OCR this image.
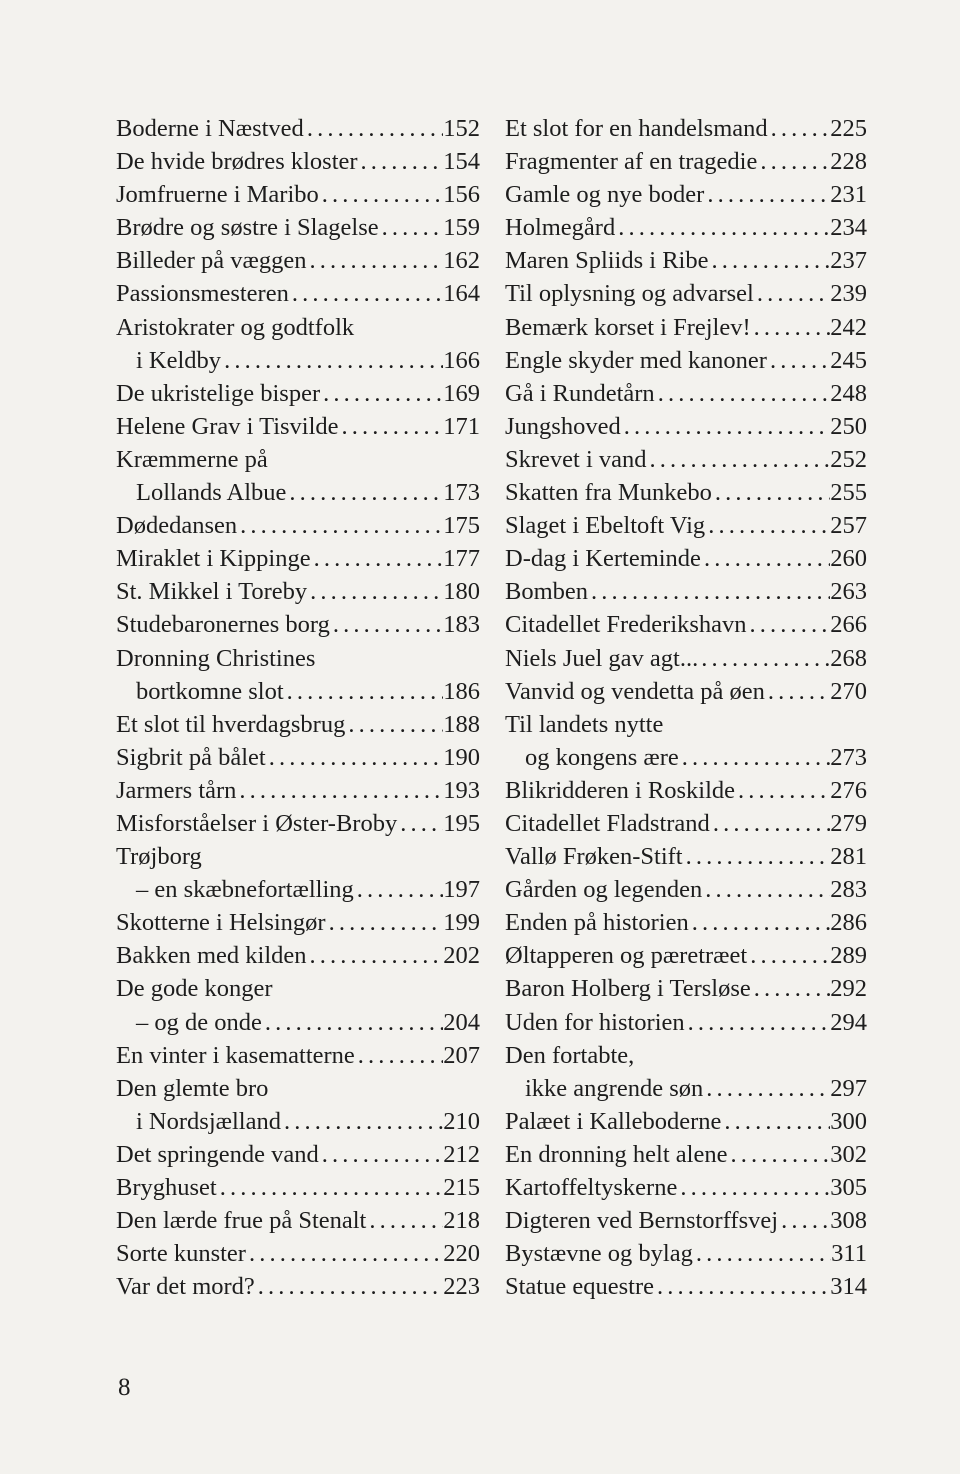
Boderne i Næstved . . .	152
De hvide brødres kloster . . .	154
Jomfruerne i Maribo . . .	156
Brødre og søstre i Slagelse . . .	159
Billeder på væggen . . .	162
Passionsmesteren . . .	164
Aristokrater og godtfolk
i Keldby . . .	166
De ukristelige bisper . . .	169
Helene Grav i Tisvilde . . .	171
Kræmmerne på
Lollands Albue . . .	173
Dødedansen . . .	175
Miraklet i Kippinge . . .	177
St. Mikkel i Toreby . . .	180
Studebaronernes borg . . .	183
Dronning Christines
bortkomne slot . . .	186
Et slot til hverdagsbrug . . .	188
Sigbrit på bålet . . .	190
Jarmers tårn . . .	193
Misforståelser i Øster-Broby . . . 195
Trøjborg
– en skæbnefortælling . . .	197
Skotterne i Helsingør . . .	199
Bakken med kilden . . .	202
De gode konger
– og de onde . . .	204
En vinter i kasematterne . . .	207
Den glemte bro
i Nordsjælland . . .	210
Det springende vand . . .	212
Bryghuset . . .	215
Den lærde frue på Stenalt . . .	218
Sorte kunster . . .	220
Var det mord? . . .	223
Et slot for en handelsmand . . .	225
Fragmenter af en tragedie . . .	228
Gamle og nye boder . . .	231
Holmegård . . .	234
Maren Spliids i Ribe . . .	237
Til oplysning og advarsel . . .	239
Bemærk korset i Frejlev! . . .	242
Engle skyder med kanoner . . .	245
Gå i Rundetårn . . .	248
Jungshoved . . .	250
Skrevet i vand . . .	252
Skatten fra Munkebo . . .	255
Slaget i Ebeltoft Vig . . .	257
D-dag i Kerteminde . . .	260
Bomben . . .	263
Citadellet Frederikshavn . . .	266
Niels Juel gav agt... . . .	268
Vanvid og vendetta på øen . . .	270
Til landets nytte
og kongens ære . . .	273
Blikridderen i Roskilde . . .	276
Citadellet Fladstrand . . .	279
Vallø Frøken-Stift . . .	281
Gården og legenden . . .	283
Enden på historien . . .	286
Øltapperen og pæretræet . . .	289
Baron Holberg i Tersløse . . .	292
Uden for historien . . .	294
Den fortabte,
ikke angrende søn . . .	297
Palæet i Kalleboderne . . .	300
En dronning helt alene . . .	302
Kartoffeltyskerne . . .	305
Digteren ved Bernstorffsvej . . . 308
Bystævne og bylag . . .	311
Statue equestre . . .	314
8
